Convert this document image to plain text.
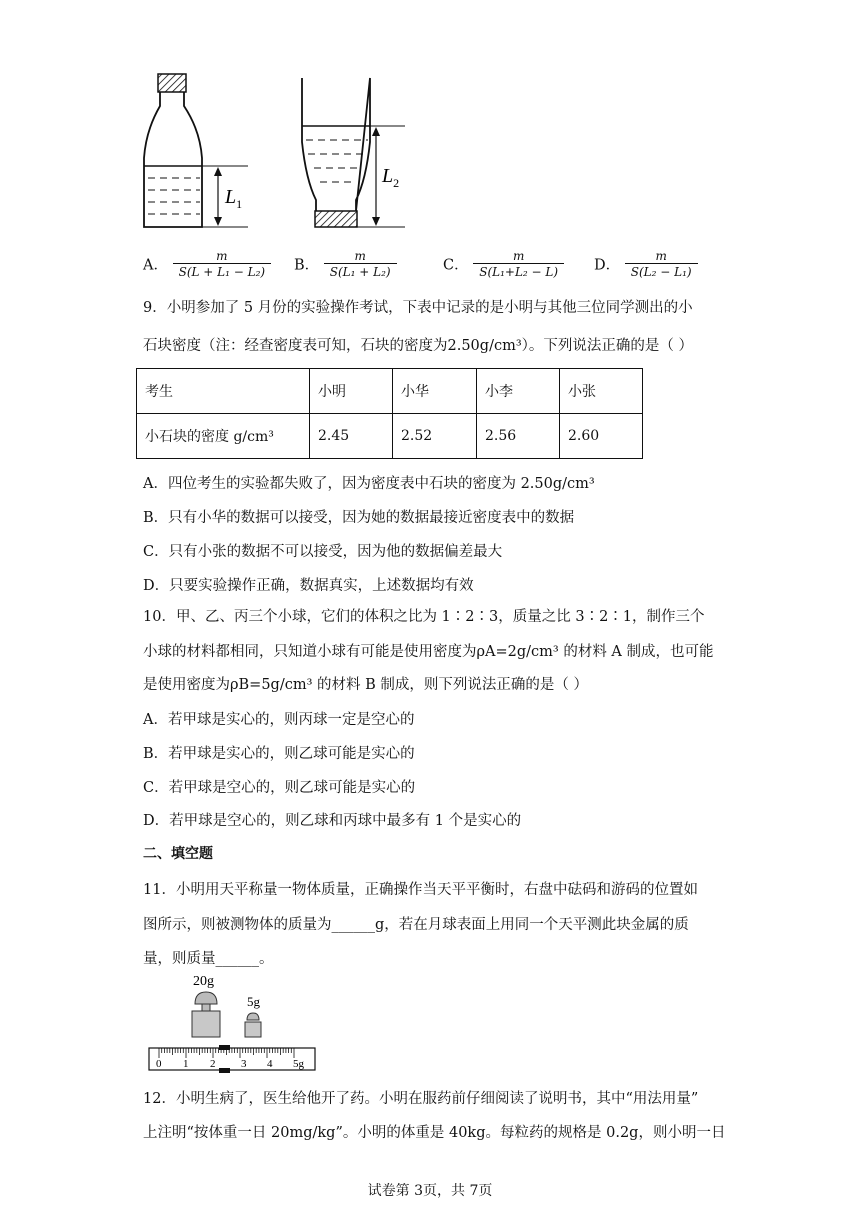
$L_1$
$L_2$
A． $\frac{m}{\text{S(L + L₁ − L₂)}}$ B． $\frac{m}{\text{S(L₁ + L₂)}}$	C． $\frac{m}{\text{S(L₁+L₂ − L)}}$ D． $\frac{m}{\text{S(L₂ − L₁)}}$
9．小明参加了 5 月份的实验操作考试，下表中记录的是小明与其他三位同学测出的小
石块密度（注：经查密度表可知，石块的密度为2.50g/cm³）。下列说法正确的是（ ）
考生	小明	小华	小李	小张
小石块的密度 g/cm³	2.45	2.52	2.56	2.60
A．四位考生的实验都失败了，因为密度表中石块的密度为 2.50g/cm³
B．只有小华的数据可以接受，因为她的数据最接近密度表中的数据
C．只有小张的数据不可以接受，因为他的数据偏差最大
D．只要实验操作正确，数据真实，上述数据均有效
10．甲、乙、丙三个小球，它们的体积之比为 1∶2∶3，质量之比 3∶2∶1，制作三个
小球的材料都相同，只知道小球有可能是使用密度为ρA=2g/cm³ 的材料 A 制成，也可能
是使用密度为ρB=5g/cm³ 的材料 B 制成，则下列说法正确的是（ ）
A．若甲球是实心的，则丙球一定是空心的
B．若甲球是实心的，则乙球可能是实心的
C．若甲球是空心的，则乙球可能是实心的
D．若甲球是空心的，则乙球和丙球中最多有 1 个是实心的
二、填空题
11．小明用天平称量一物体质量，正确操作当天平平衡时，右盘中砝码和游码的位置如
图所示，则被测物体的质量为______g，若在月球表面上用同一个天平测此块金属的质
量，则质量______。
20g
5g
0 1 2 3 4 5g
12．小明生病了，医生给他开了药。小明在服药前仔细阅读了说明书，其中“用法用量”
上注明“按体重一日 20mg/kg”。小明的体重是 40kg。每粒药的规格是 0.2g，则小明一日
试卷第 3页，共 7页
